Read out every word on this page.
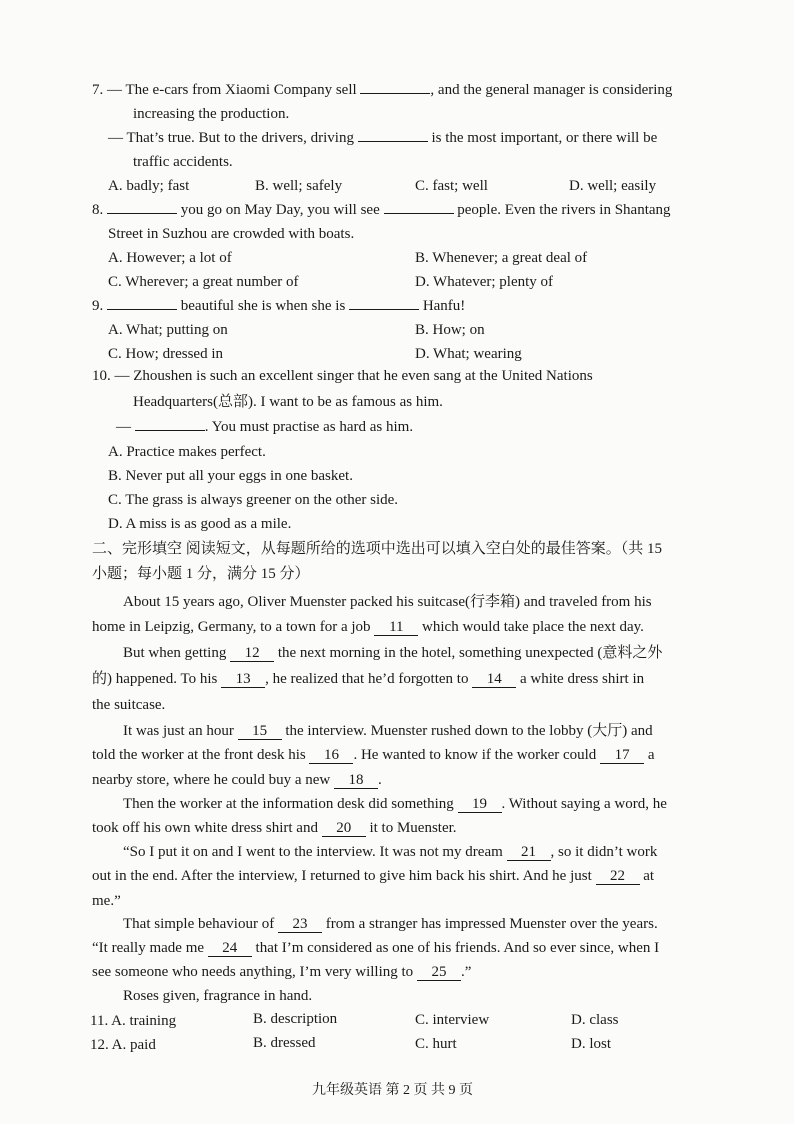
7. — The e-cars from Xiaomi Company sell	, and the general manager is considering
increasing the production.
— That’s true. But to the drivers, driving	is the most important, or there will be
traffic accidents.
A. badly; fast	B. well; safely	C. fast; well	D. well; easily
8.	you go on May Day, you will see	people. Even the rivers in Shantang
Street in Suzhou are crowded with boats.
A. However; a lot of	B. Whenever; a great deal of
C. Wherever; a great number of	D. Whatever; plenty of
9.	beautiful she is when she is	Hanfu!
A. What; putting on	B. How; on
C. How; dressed in	D. What; wearing
10. — Zhoushen is such an excellent singer that he even sang at the United Nations
Headquarters(总部). I want to be as famous as him.
—	. You must practise as hard as him.
A. Practice makes perfect.
B. Never put all your eggs in one basket.
C. The grass is always greener on the other side.
D. A miss is as good as a mile.
二、完形填空 阅读短文，从每题所给的选项中选出可以填入空白处的最佳答案。（共 15
小题；每小题 1 分，满分 15 分）
About 15 years ago, Oliver Muenster packed his suitcase(行李箱) and traveled from his
home in Leipzig, Germany, to a town for a job 11 which would take place the next day.
But when getting 12 the next morning in the hotel, something unexpected (意料之外
的) happened. To his 13 , he realized that he’d forgotten to 14 a white dress shirt in
the suitcase.
It was just an hour 15 the interview. Muenster rushed down to the lobby (大厅) and
told the worker at the front desk his 16 . He wanted to know if the worker could 17 a
nearby store, where he could buy a new 18 .
Then the worker at the information desk did something 19 . Without saying a word, he
took off his own white dress shirt and 20 it to Muenster.
“So I put it on and I went to the interview. It was not my dream 21 , so it didn’t work
out in the end. After the interview, I returned to give him back his shirt. And he just 22 at
me.”
That simple behaviour of 23 from a stranger has impressed Muenster over the years.
“It really made me 24 that I’m considered as one of his friends. And so ever since, when I
see someone who needs anything, I’m very willing to 25 .”
Roses given, fragrance in hand.
11. A. training	B. description	C. interview	D. class
12. A. paid	B. dressed	C. hurt	D. lost
九年级英语 第 2 页 共 9 页
